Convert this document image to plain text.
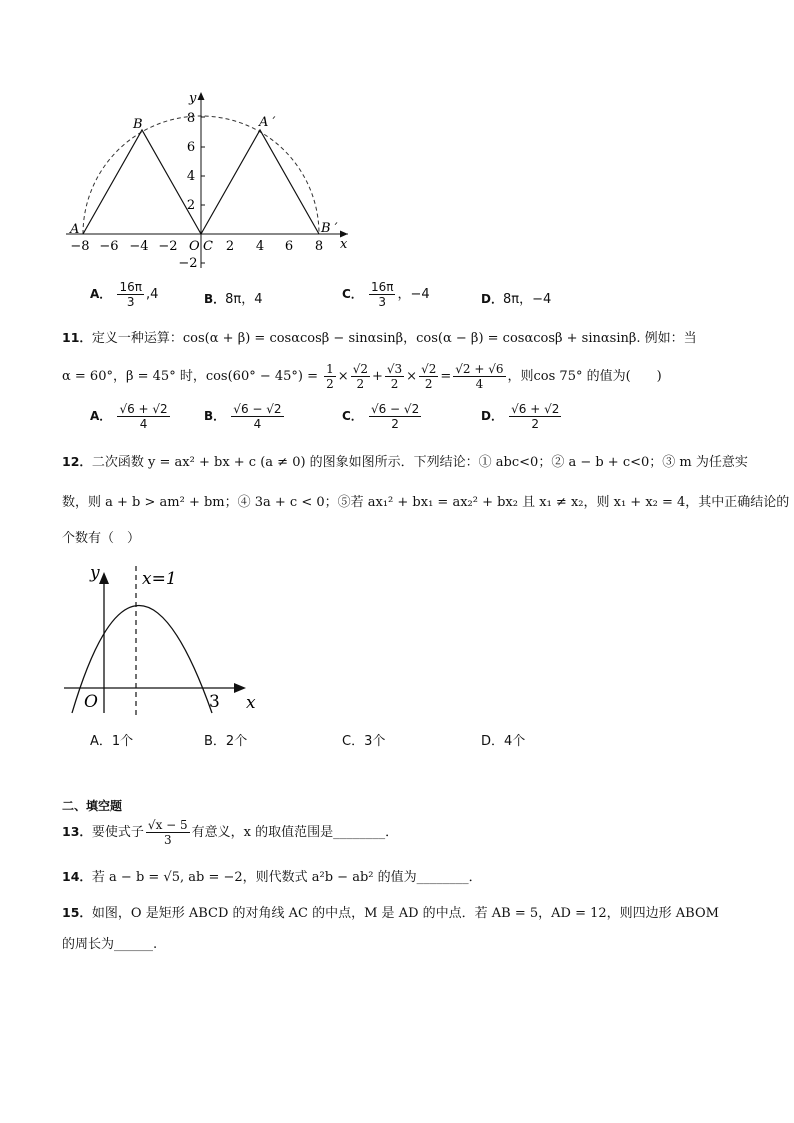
8
6
4
2
−2
−8 −6 −4 −2	2 4 6 8
y
x
B	A ′
A	B ′
O C
A． $\frac{16\pi}{3} ,4$	B．8π，4	C． $\frac{16\pi}{3}$ ，−4	D．8π，−4
11．定义一种运算：cos(α + β) = cosαcosβ − sinαsinβ，cos(α − β) = cosαcosβ + sinαsinβ. 例如：当
α = 60°，β = 45° 时，$\cos(60^\circ - 45^\circ) = \frac{1}{2} \times \frac{√2}{2} + \frac{√3}{2} \times \frac{√2}{2} = \frac{√2 + √6}{4}$ ，则cos 75° 的值为(　　)
A． $\frac{√6 + √2}{4}$	B． $\frac{√6 - √2}{4}$	C． $\frac{√6 - √2}{2}$	D． $\frac{√6 + √2}{2}$
12．二次函数 y = ax² + bx + c (a ≠ 0) 的图象如图所示．下列结论：① abc<0；② a − b + c<0；③ m 为任意实
数，则 a + b > am² + bm；④ 3a + c < 0；⑤若 ax₁² + bx₁ = ax₂² + bx₂ 且 x₁ ≠ x₂，则 x₁ + x₂ = 4，其中正确结论的
个数有（　）
y
x
x=1
O	3
A．1个	B．2个	C．3个	D．4个
二、填空题
13．要使式子 $\frac{√x - 5}{3}$ 有意义，x 的取值范围是________．
14．若 a − b = √5, ab = −2，则代数式 a²b − ab² 的值为________．
15．如图，O 是矩形 ABCD 的对角线 AC 的中点，M 是 AD 的中点．若 AB = 5，AD = 12，则四边形 ABOM
的周长为______.
